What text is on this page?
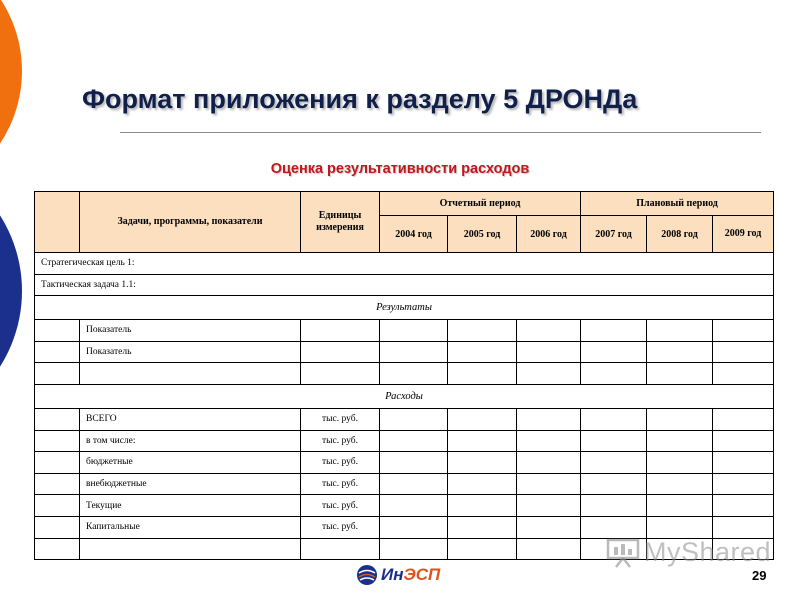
Формат приложения к разделу 5 ДРОНДа
Оценка результативности расходов
	Задачи, программы, показатели	Единицы измерения	Отчетный период			Плановый период		
			2004 год	2005 год	2006 год	2007 год	2008 год	2009 год
Стратегическая цель 1:								
Тактическая задача 1.1:								
Результаты								
	Показатель							
	Показатель							

Расходы								
	ВСЕГО	тыс. руб.						
	в том числе:	тыс. руб.						
	бюджетные	тыс. руб.						
	внебюджетные	тыс. руб.						
	Текущие	тыс. руб.						
	Капитальные	тыс. руб.						

ИнЭСП
MyShared
29
